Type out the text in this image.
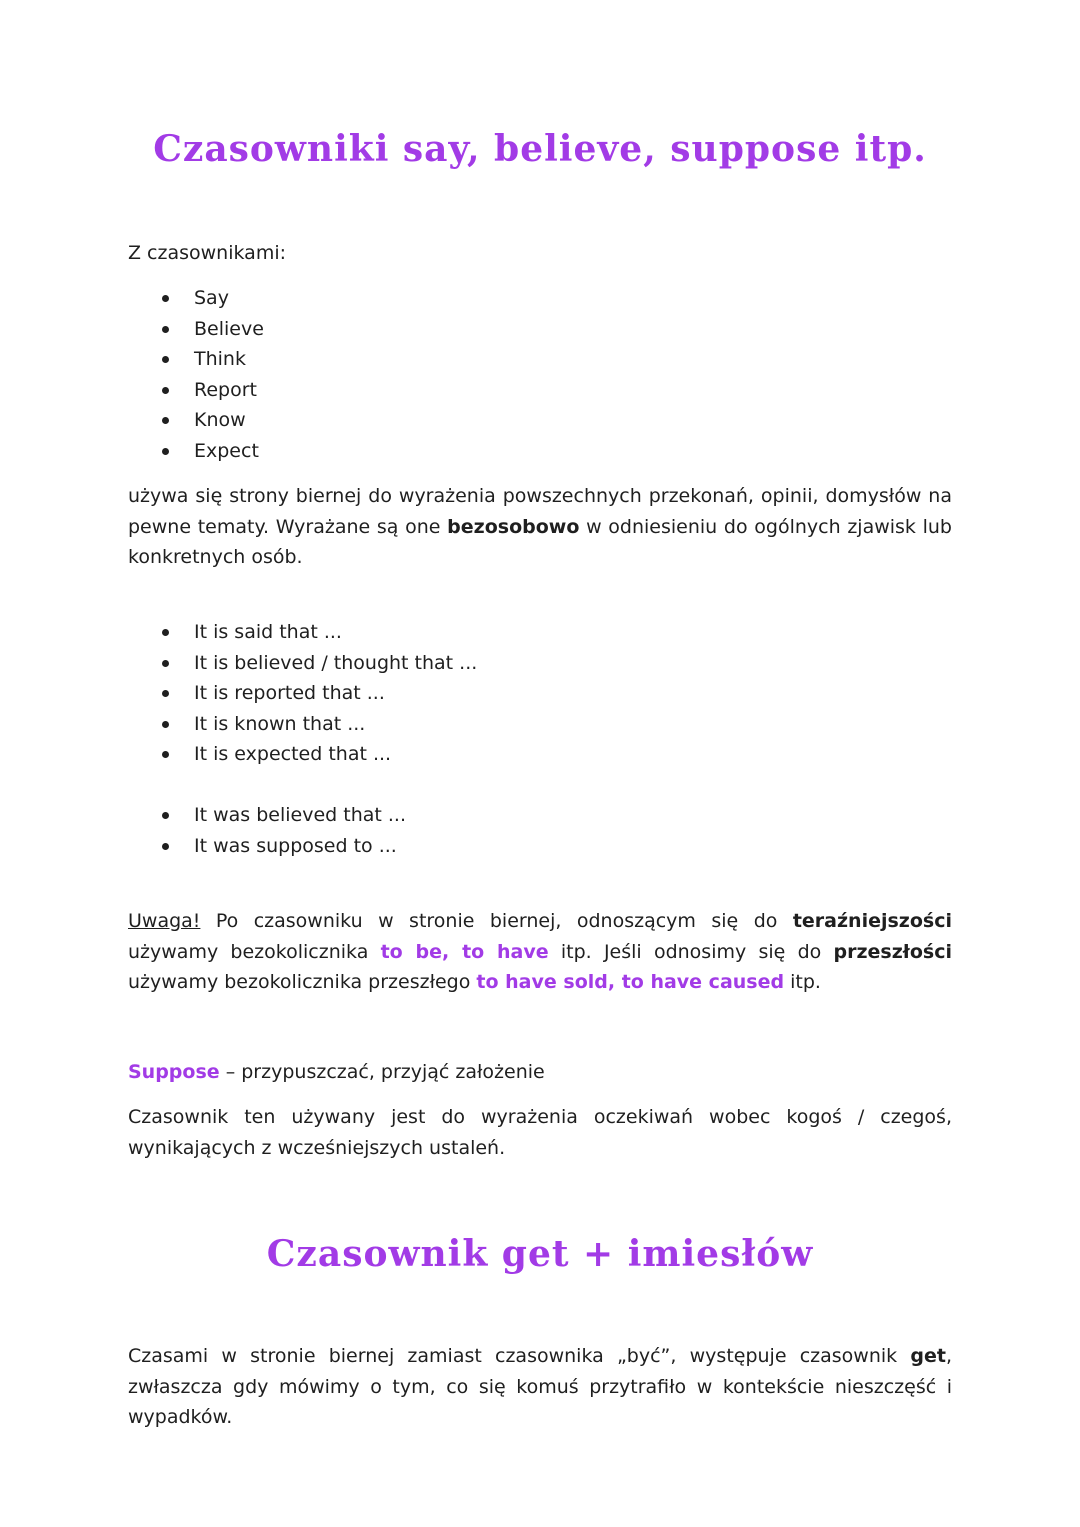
Czasowniki say, believe, suppose itp.
Z czasownikami:
Say
Believe
Think
Report
Know
Expect
używa się strony biernej do wyrażenia powszechnych przekonań, opinii, domysłów na pewne tematy. Wyrażane są one bezosobowo w odniesieniu do ogólnych zjawisk lub konkretnych osób.
It is said that ...
It is believed / thought that ...
It is reported that ...
It is known that ...
It is expected that ...
It was believed that ...
It was supposed to ...
Uwaga! Po czasowniku w stronie biernej, odnoszącym się do teraźniejszości używamy bezokolicznika to be, to have itp. Jeśli odnosimy się do przeszłości używamy bezokolicznika przeszłego to have sold, to have caused itp.
Suppose – przypuszczać, przyjąć założenie
Czasownik ten używany jest do wyrażenia oczekiwań wobec kogoś / czegoś, wynikających z wcześniejszych ustaleń.
Czasownik get + imiesłów
Czasami w stronie biernej zamiast czasownika „być”, występuje czasownik get, zwłaszcza gdy mówimy o tym, co się komuś przytrafiło w kontekście nieszczęść i wypadków.
